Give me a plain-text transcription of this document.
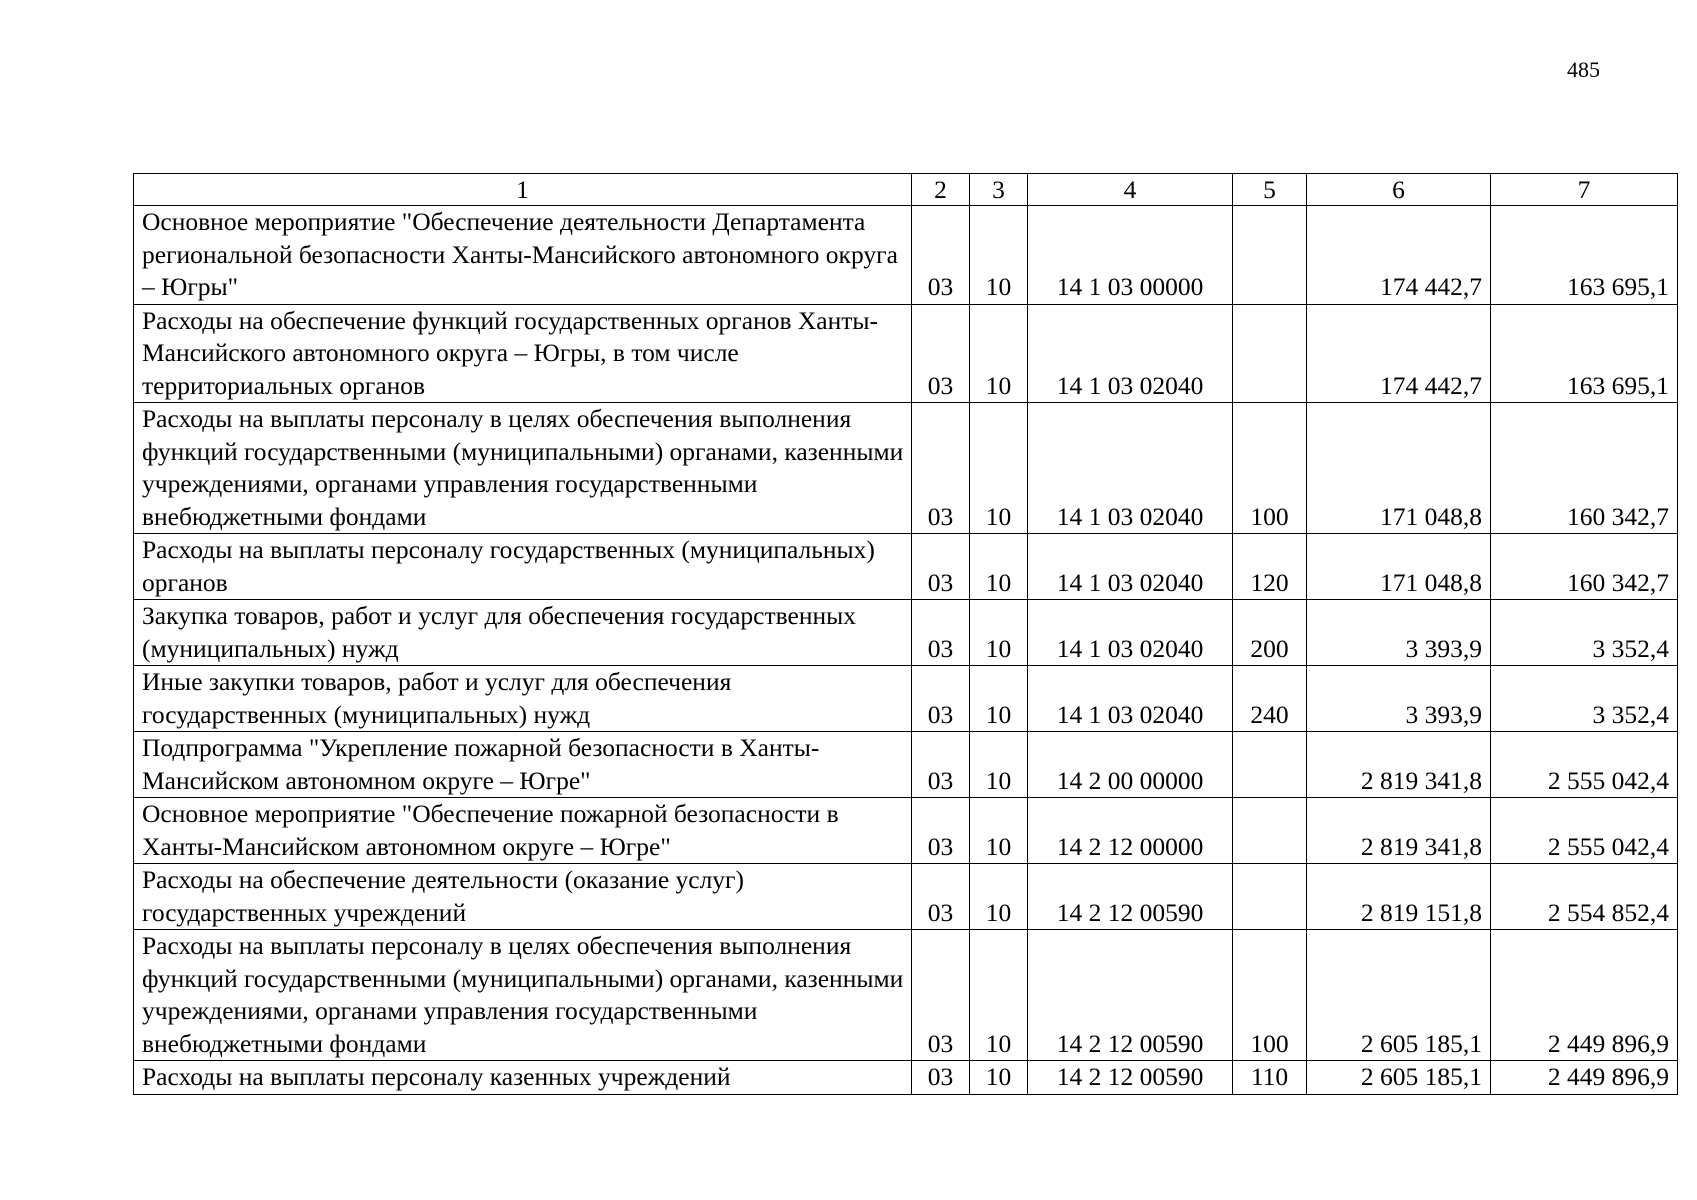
485
1	2	3	4	5	6	7
Основное мероприятие "Обеспечение деятельности Департамента региональной безопасности Ханты-Мансийского автономного округа – Югры"	03	10	14 1 03 00000		174 442,7	163 695,1
Расходы на обеспечение функций государственных органов Ханты-Мансийского автономного округа – Югры, в том числе территориальных органов	03	10	14 1 03 02040		174 442,7	163 695,1
Расходы на выплаты персоналу в целях обеспечения выполнения функций государственными (муниципальными) органами, казенными учреждениями, органами управления государственными внебюджетными фондами	03	10	14 1 03 02040	100	171 048,8	160 342,7
Расходы на выплаты персоналу государственных (муниципальных) органов	03	10	14 1 03 02040	120	171 048,8	160 342,7
Закупка товаров, работ и услуг для обеспечения государственных (муниципальных) нужд	03	10	14 1 03 02040	200	3 393,9	3 352,4
Иные закупки товаров, работ и услуг для обеспечения государственных (муниципальных) нужд	03	10	14 1 03 02040	240	3 393,9	3 352,4
Подпрограмма "Укрепление пожарной безопасности в Ханты-Мансийском автономном округе – Югре"	03	10	14 2 00 00000		2 819 341,8	2 555 042,4
Основное мероприятие "Обеспечение пожарной безопасности в Ханты-Мансийском автономном округе – Югре"	03	10	14 2 12 00000		2 819 341,8	2 555 042,4
Расходы на обеспечение деятельности (оказание услуг) государственных учреждений	03	10	14 2 12 00590		2 819 151,8	2 554 852,4
Расходы на выплаты персоналу в целях обеспечения выполнения функций государственными (муниципальными) органами, казенными учреждениями, органами управления государственными внебюджетными фондами	03	10	14 2 12 00590	100	2 605 185,1	2 449 896,9
Расходы на выплаты персоналу казенных учреждений	03	10	14 2 12 00590	110	2 605 185,1	2 449 896,9
